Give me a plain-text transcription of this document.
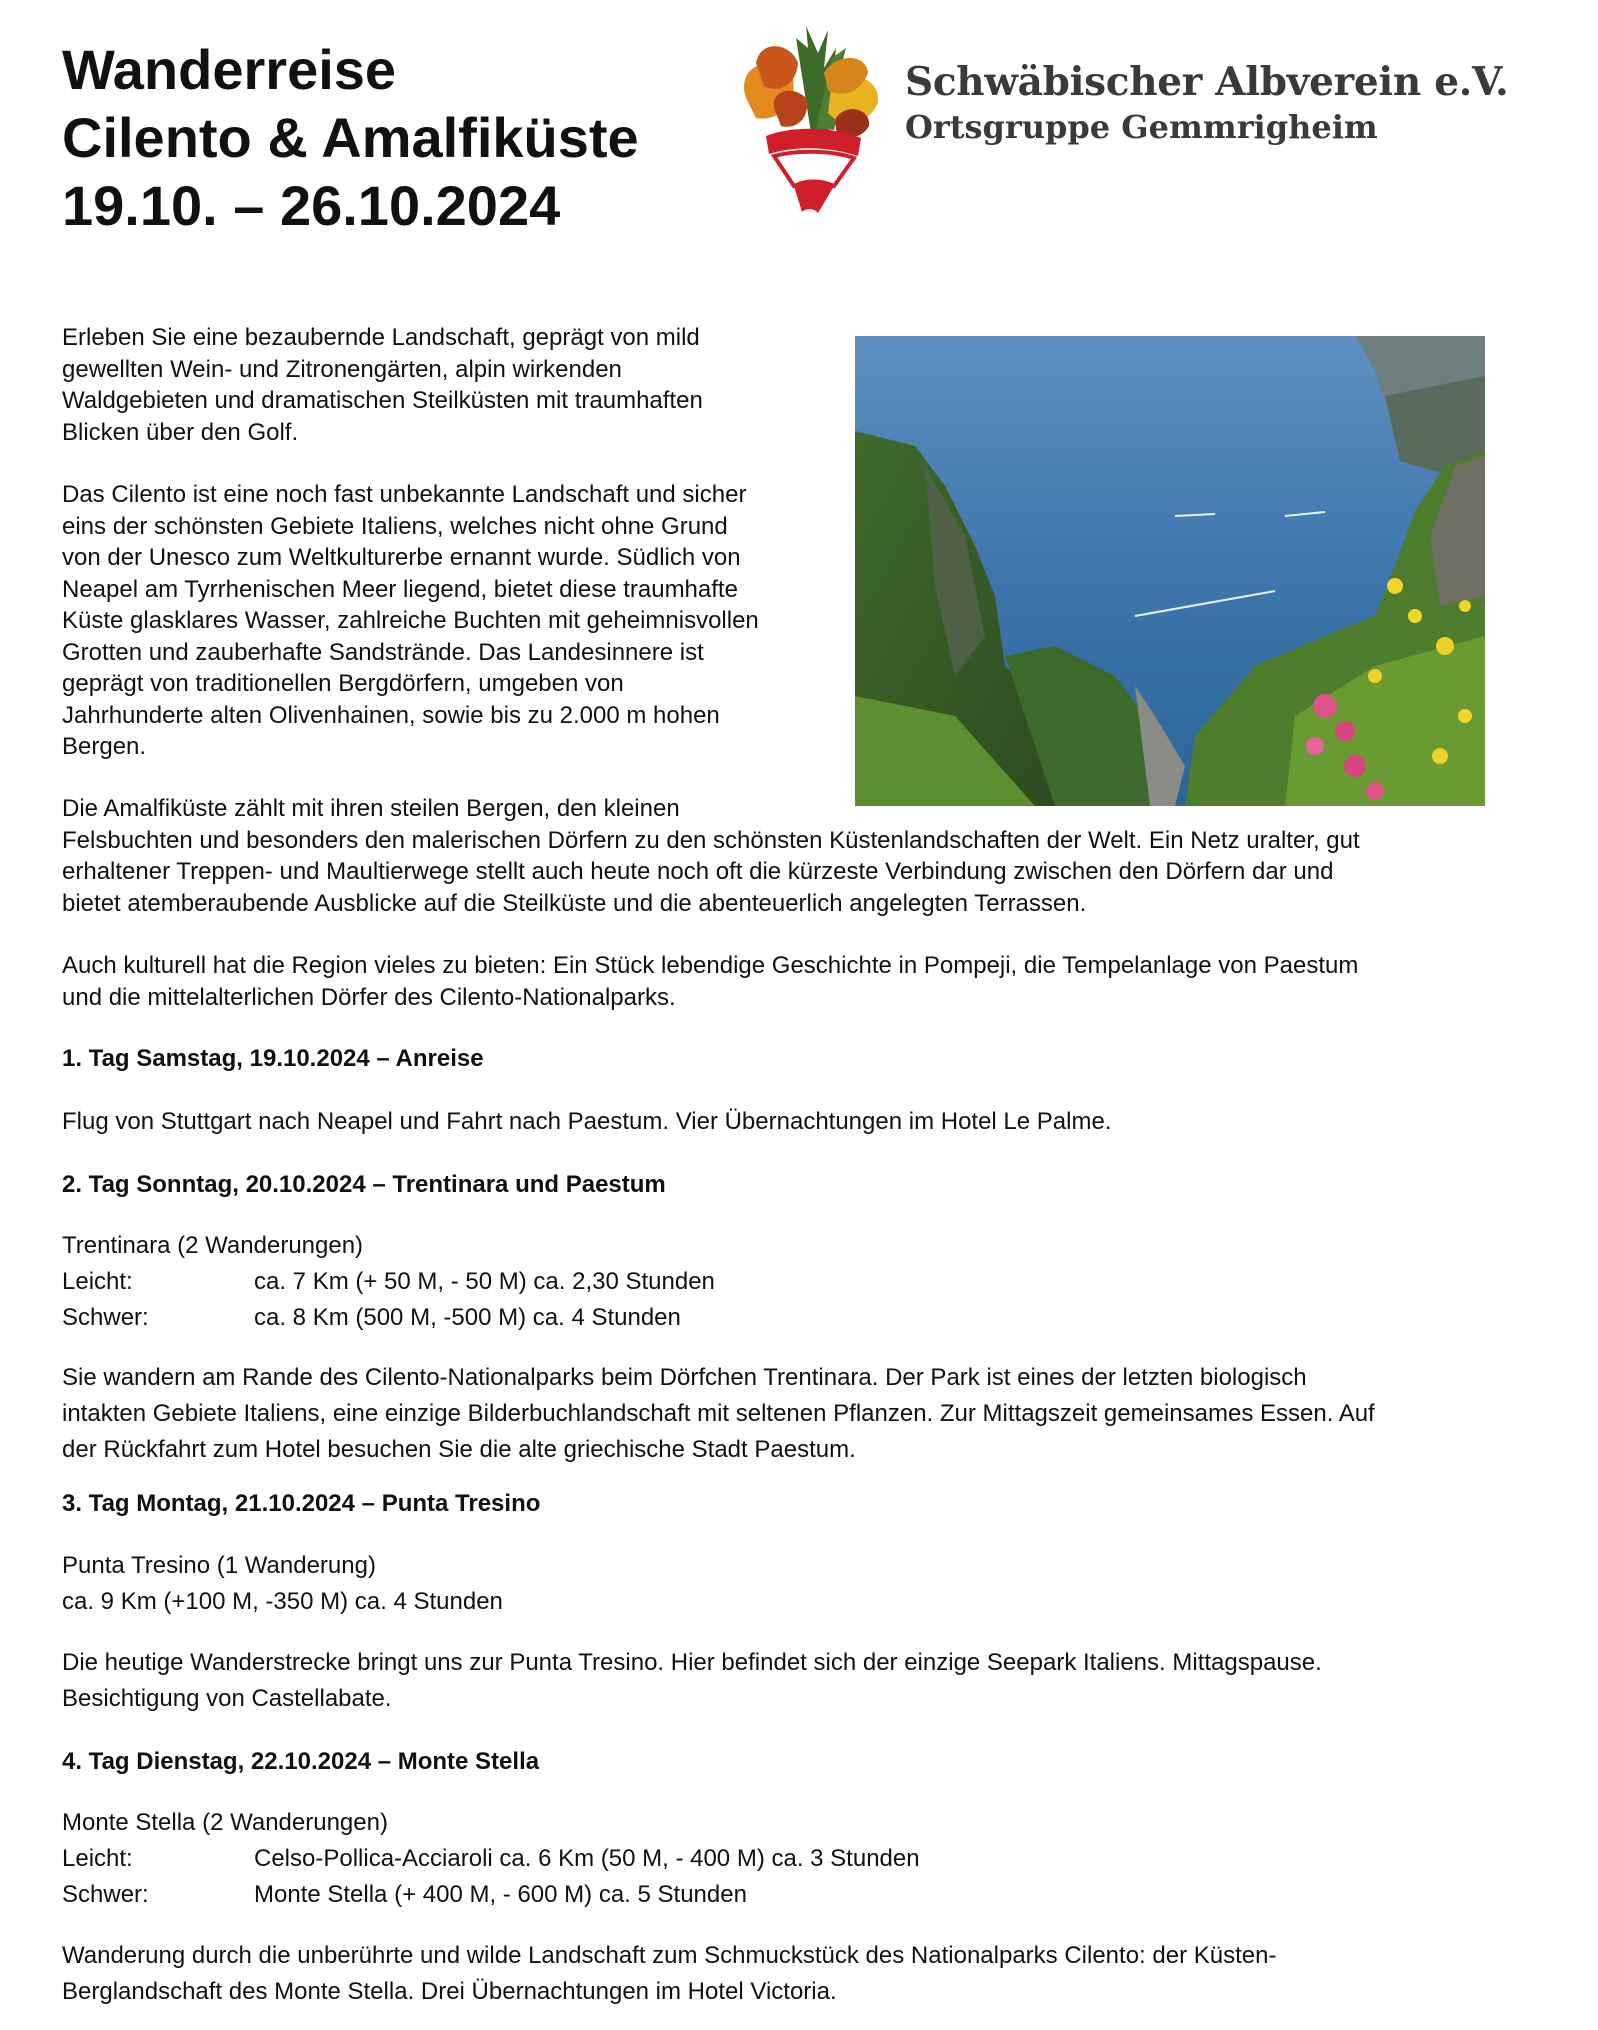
Wanderreise
Cilento & Amalfiküste
19.10. – 26.10.2024
Schwäbischer Albverein e.V.
Ortsgruppe Gemmrigheim
Erleben Sie eine bezaubernde Landschaft, geprägt von mild
gewellten Wein- und Zitronengärten, alpin wirkenden
Waldgebieten und dramatischen Steilküsten mit traumhaften
Blicken über den Golf.
Das Cilento ist eine noch fast unbekannte Landschaft und sicher
eins der schönsten Gebiete Italiens, welches nicht ohne Grund
von der Unesco zum Weltkulturerbe ernannt wurde. Südlich von
Neapel am Tyrrhenischen Meer liegend, bietet diese traumhafte
Küste glasklares Wasser, zahlreiche Buchten mit geheimnisvollen
Grotten und zauberhafte Sandstrände. Das Landesinnere ist
geprägt von traditionellen Bergdörfern, umgeben von
Jahrhunderte alten Olivenhainen, sowie bis zu 2.000 m hohen
Bergen.
Die Amalfiküste zählt mit ihren steilen Bergen, den kleinen
Felsbuchten und besonders den malerischen Dörfern zu den schönsten Küstenlandschaften der Welt. Ein Netz uralter, gut
erhaltener Treppen- und Maultierwege stellt auch heute noch oft die kürzeste Verbindung zwischen den Dörfern dar und
bietet atemberaubende Ausblicke auf die Steilküste und die abenteuerlich angelegten Terrassen.
Auch kulturell hat die Region vieles zu bieten: Ein Stück lebendige Geschichte in Pompeji, die Tempelanlage von Paestum
und die mittelalterlichen Dörfer des Cilento-Nationalparks.
1. Tag Samstag, 19.10.2024 – Anreise
Flug von Stuttgart nach Neapel und Fahrt nach Paestum. Vier Übernachtungen im Hotel Le Palme.
2. Tag Sonntag, 20.10.2024 – Trentinara und Paestum
Trentinara (2 Wanderungen)
Leicht:	ca. 7 Km (+ 50 M, - 50 M) ca. 2,30 Stunden
Schwer:	ca. 8 Km (500 M, -500 M) ca. 4 Stunden
Sie wandern am Rande des Cilento-Nationalparks beim Dörfchen Trentinara. Der Park ist eines der letzten biologisch
intakten Gebiete Italiens, eine einzige Bilderbuchlandschaft mit seltenen Pflanzen. Zur Mittagszeit gemeinsames Essen. Auf
der Rückfahrt zum Hotel besuchen Sie die alte griechische Stadt Paestum.
3. Tag Montag, 21.10.2024 – Punta Tresino
Punta Tresino (1 Wanderung)
ca. 9 Km (+100 M, -350 M) ca. 4 Stunden
Die heutige Wanderstrecke bringt uns zur Punta Tresino. Hier befindet sich der einzige Seepark Italiens. Mittagspause.
Besichtigung von Castellabate.
4. Tag Dienstag, 22.10.2024 – Monte Stella
Monte Stella (2 Wanderungen)
Leicht:	Celso-Pollica-Acciaroli ca. 6 Km (50 M, - 400 M) ca. 3 Stunden
Schwer:	Monte Stella (+ 400 M, - 600 M) ca. 5 Stunden
Wanderung durch die unberührte und wilde Landschaft zum Schmuckstück des Nationalparks Cilento: der Küsten-
Berglandschaft des Monte Stella. Drei Übernachtungen im Hotel Victoria.
